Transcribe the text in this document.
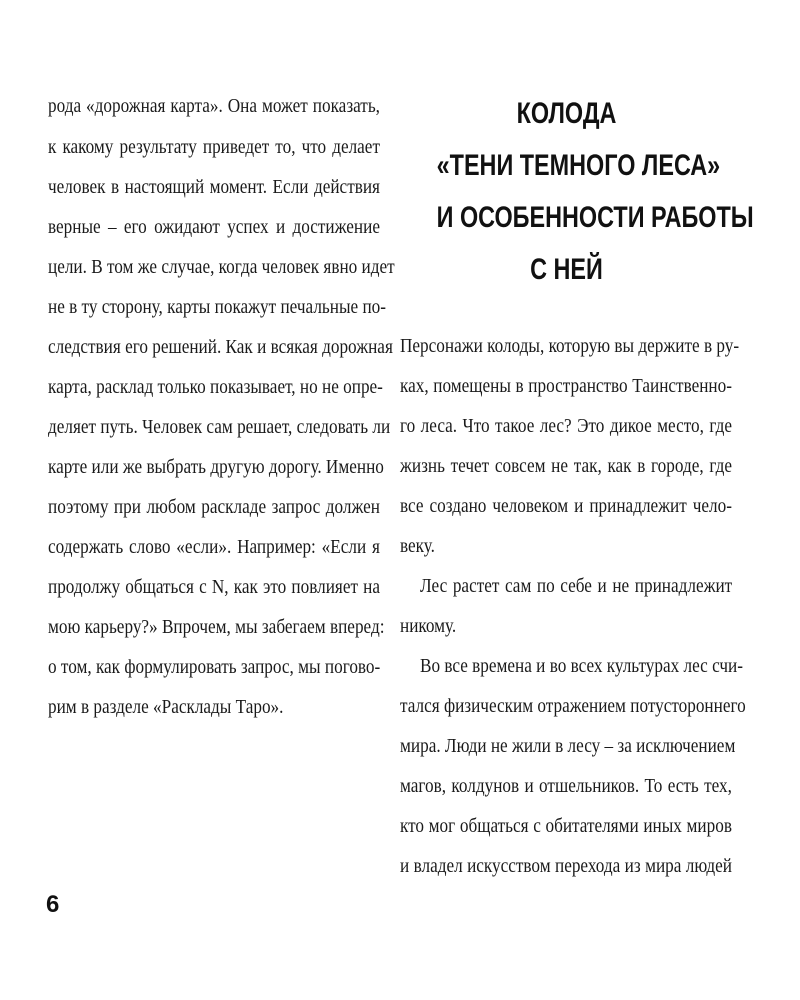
рода «дорожная карта». Она может показать,
к какому результату приведет то, что делает
человек в настоящий момент. Если действия
верные – его ожидают успех и достижение
цели. В том же случае, когда человек явно идет
не в ту сторону, карты покажут печальные по-
следствия его решений. Как и всякая дорожная
карта, расклад только показывает, но не опре-
деляет путь. Человек сам решает, следовать ли
карте или же выбрать другую дорогу. Именно
поэтому при любом раскладе запрос должен
содержать слово «если». Например: «Если я
продолжу общаться с N, как это повлияет на
мою карьеру?» Впрочем, мы забегаем вперед:
о том, как формулировать запрос, мы погово-
рим в разделе «Расклады Таро».
КОЛОДА
«ТЕНИ ТЕМНОГО ЛЕСА»
И ОСОБЕННОСТИ РАБОТЫ
С НЕЙ
Персонажи колоды, которую вы держите в ру-
ках, помещены в пространство Таинственно-
го леса. Что такое лес? Это дикое место, где
жизнь течет совсем не так, как в городе, где
все создано человеком и принадлежит чело-
веку.
Лес растет сам по себе и не принадлежит
никому.
Во все времена и во всех культурах лес счи-
тался физическим отражением потустороннего
мира. Люди не жили в лесу – за исключением
магов, колдунов и отшельников. То есть тех,
кто мог общаться с обитателями иных миров
и владел искусством перехода из мира людей
6
